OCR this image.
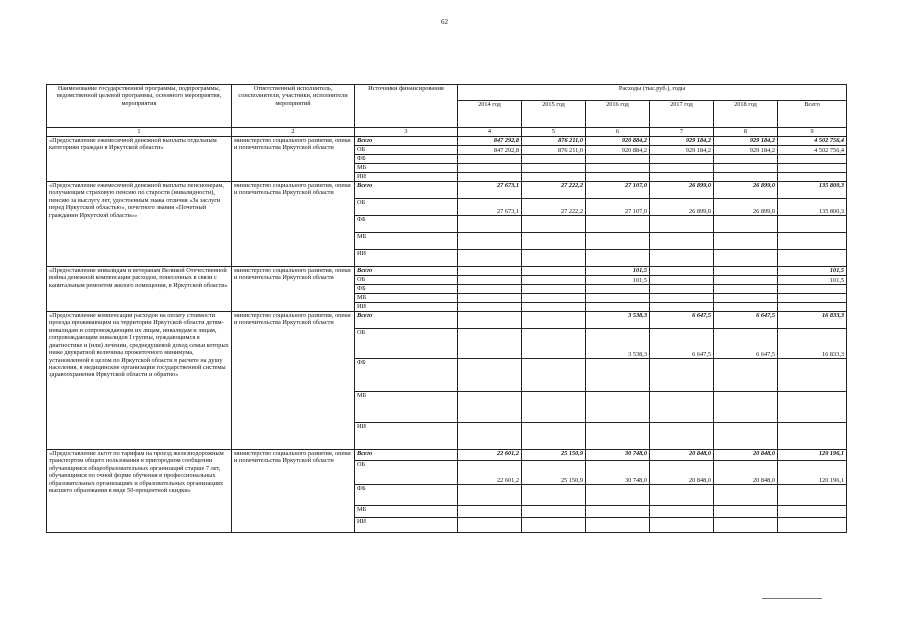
62
Наименование государственной программы, подпрограммы, ведомственной целевой программы, основного мероприятия, мероприятия	Ответственный исполнитель, соисполнители, участники, исполнители мероприятий	Источники финансирования	Расходы (тыс.руб.), годы					
			2014 год	2015 год	2016 год	2017 год	2018 год	Всего
1	2	3	4	5	6	7	8	9
«Предоставление ежемесячной денежной выплаты отдельным категориям граждан в Иркутской области»	министерство социального развития, опеки и попечительства Иркутской области	Всего	847 292,8	876 211,0	920 884,2	929 184,2	929 184,2	4 502 756,4
		ОБ	847 292,8	876 211,0	920 884,2	929 184,2	929 184,2	4 502 756,4
		ФБ						
		МБ						
		ИИ						
«Предоставление ежемесячной денежной выплаты пенсионерам, получающим страховую пенсию по старости (инвалидности), пенсию за выслугу лет, удостоенным знака отличия «За заслуги перед Иркутской областью», почетного звания «Почетный гражданин Иркутской области»»	министерство социального развития, опеки и попечительства Иркутской области	Всего	27 673,1	27 222,2	27 107,0	26 899,0	26 899,0	135 800,3
		ОБ	27 673,1	27 222,2	27 107,0	26 899,0	26 899,0	135 800,3
		ФБ						
		МБ						
		ИИ						
«Предоставление инвалидам и ветеранам Великой Отечественной войны денежной компенсации расходов, понесенных в связи с капитальным ремонтом жилого помещения, в Иркутской области»	министерство социального развития, опеки и попечительства Иркутской области	Всего			101,5			101,5
		ОБ			101,5			101,5
		ФБ						
		МБ						
		ИИ						
«Предоставление компенсации расходов на оплату стоимости проезда проживающим на территории Иркутской области детям-инвалидам и сопровождающим их лицам, инвалидам и лицам, сопровождающим инвалидов I группы, нуждающимся в диагностике и (или) лечении, среднедушевой доход семьи которых ниже двукратной величины прожиточного минимума, установленной в целом по Иркутской области в расчете на душу населения, в медицинские организации государственной системы здравоохранения Иркутской области и обратно»	министерство социального развития, опеки и попечительства Иркутской области	Всего			3 538,3	6 647,5	6 647,5	16 833,3
		ОБ			3 538,3	6 647,5	6 647,5	16 833,3
		ФБ						
		МБ						
		ИИ						
«Предоставление льгот по тарифам на проезд железнодорожным транспортом общего пользования в пригородном сообщении обучающимся общеобразовательных организаций старше 7 лет, обучающимся по очной форме обучения в профессиональных образовательных организациях и образовательных организациях высшего образования в виде 50-процентной скидки»	министерство социального развития, опеки и попечительства Иркутской области	Всего	22 601,2	25 150,9	30 748,0	20 848,0	20 848,0	120 196,1
		ОБ	22 601,2	25 150,9	30 748,0	20 848,0	20 848,0	120 196,1
		ФБ						
		МБ						
		ИИ						
